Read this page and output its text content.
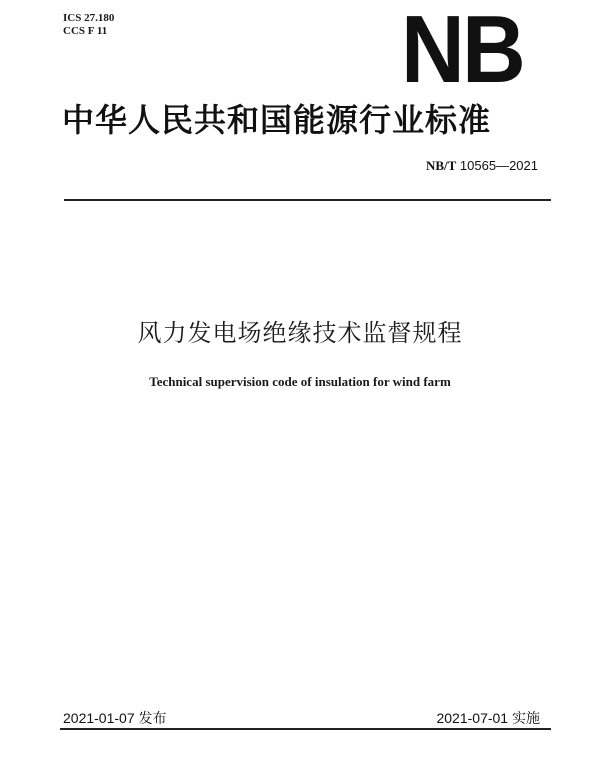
ICS 27.180
CCS F 11	NB
中华人民共和国能源行业标准
NB/T 10565—2021
风力发电场绝缘技术监督规程
Technical supervision code of insulation for wind farm
2021-01-07 发布	2021-07-01 实施
